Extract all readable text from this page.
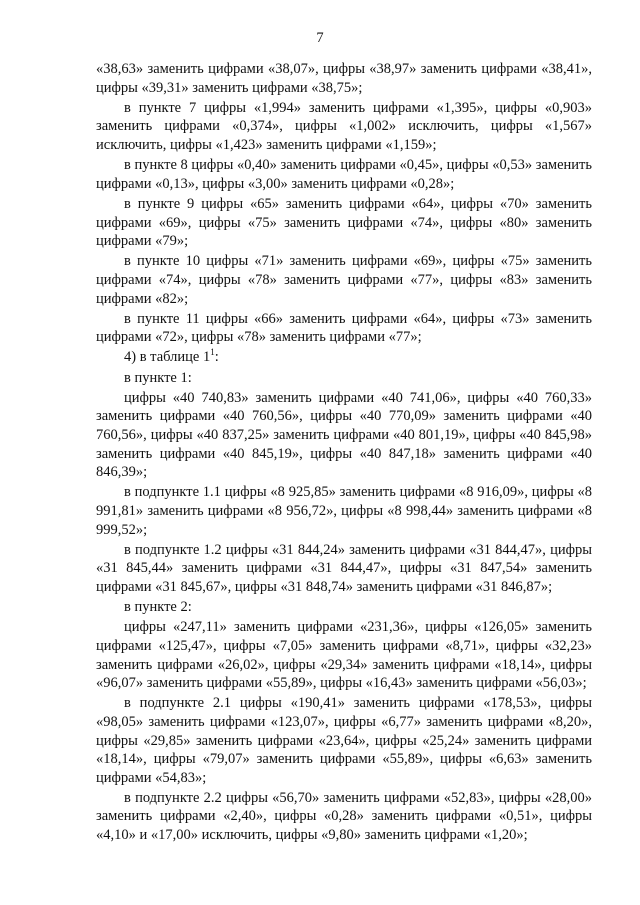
7

«38,63» заменить цифрами «38,07», цифры «38,97» заменить цифрами «38,41», цифры «39,31» заменить цифрами «38,75»;

в пункте 7 цифры «1,994» заменить цифрами «1,395», цифры «0,903» заменить цифрами «0,374», цифры «1,002» исключить, цифры «1,567» исключить, цифры «1,423» заменить цифрами «1,159»;

в пункте 8 цифры «0,40» заменить цифрами «0,45», цифры «0,53» заменить цифрами «0,13», цифры «3,00» заменить цифрами «0,28»;

в пункте 9 цифры «65» заменить цифрами «64», цифры «70» заменить цифрами «69», цифры «75» заменить цифрами «74», цифры «80» заменить цифрами «79»;

в пункте 10 цифры «71» заменить цифрами «69», цифры «75» заменить цифрами «74», цифры «78» заменить цифрами «77», цифры «83» заменить цифрами «82»;

в пункте 11 цифры «66» заменить цифрами «64», цифры «73» заменить цифрами «72», цифры «78» заменить цифрами «77»;

4) в таблице 1$^1$:

в пункте 1:

цифры «40 740,83» заменить цифрами «40 741,06», цифры «40 760,33» заменить цифрами «40 760,56», цифры «40 770,09» заменить цифрами «40 760,56», цифры «40 837,25» заменить цифрами «40 801,19», цифры «40 845,98» заменить цифрами «40 845,19», цифры «40 847,18» заменить цифрами «40 846,39»;

в подпункте 1.1 цифры «8 925,85» заменить цифрами «8 916,09», цифры «8 991,81» заменить цифрами «8 956,72», цифры «8 998,44» заменить цифрами «8 999,52»;

в подпункте 1.2 цифры «31 844,24» заменить цифрами «31 844,47», цифры «31 845,44» заменить цифрами «31 844,47», цифры «31 847,54» заменить цифрами «31 845,67», цифры «31 848,74» заменить цифрами «31 846,87»;

в пункте 2:

цифры «247,11» заменить цифрами «231,36», цифры «126,05» заменить цифрами «125,47», цифры «7,05» заменить цифрами «8,71», цифры «32,23» заменить цифрами «26,02», цифры «29,34» заменить цифрами «18,14», цифры «96,07» заменить цифрами «55,89», цифры «16,43» заменить цифрами «56,03»;

в подпункте 2.1 цифры «190,41» заменить цифрами «178,53», цифры «98,05» заменить цифрами «123,07», цифры «6,77» заменить цифрами «8,20», цифры «29,85» заменить цифрами «23,64», цифры «25,24» заменить цифрами «18,14», цифры «79,07» заменить цифрами «55,89», цифры «6,63» заменить цифрами «54,83»;

в подпункте 2.2 цифры «56,70» заменить цифрами «52,83», цифры «28,00» заменить цифрами «2,40», цифры «0,28» заменить цифрами «0,51», цифры «4,10» и «17,00» исключить, цифры «9,80» заменить цифрами «1,20»;
